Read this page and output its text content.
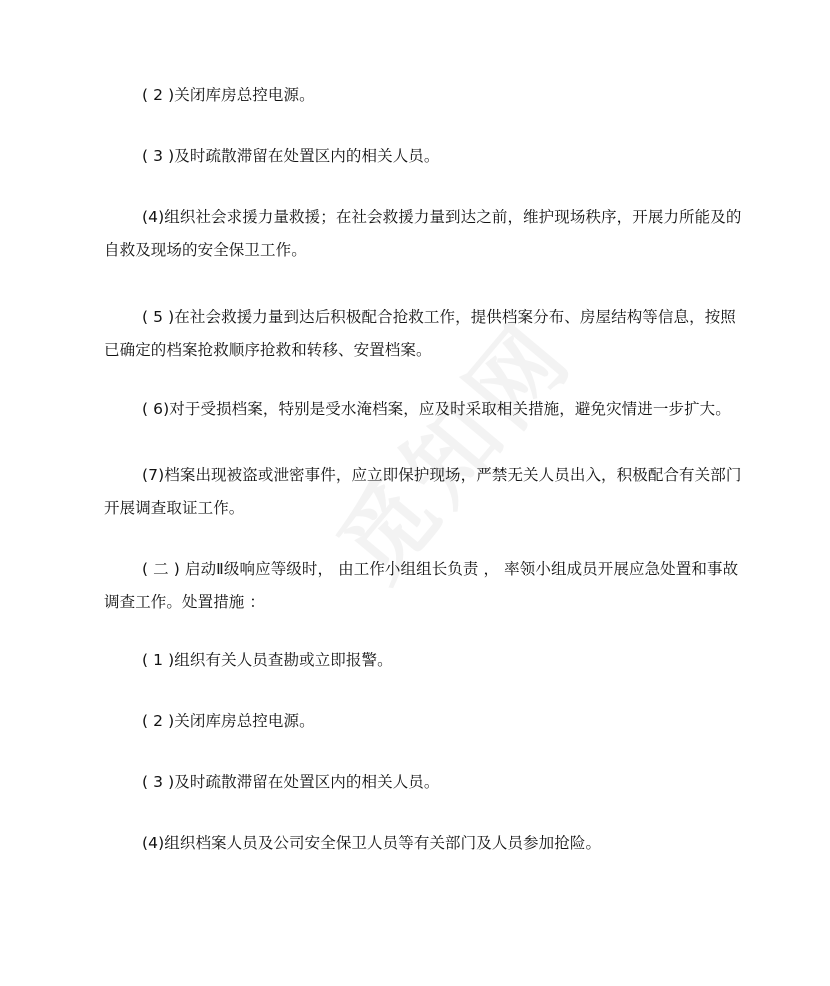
( 2 )关闭库房总控电源。

( 3 )及时疏散滞留在处置区内的相关人员。

(4)组织社会求援力量救援；在社会救援力量到达之前，维护现场秩序，开展力所能及的自救及现场的安全保卫工作。

( 5 )在社会救援力量到达后积极配合抢救工作，提供档案分布、房屋结构等信息，按照已确定的档案抢救顺序抢救和转移、安置档案。

( 6)对于受损档案，特别是受水淹档案，应及时采取相关措施，避免灾情进一步扩大。

(7)档案出现被盗或泄密事件，应立即保护现场，严禁无关人员出入，积极配合有关部门开展调查取证工作。

( 二 ) 启动Ⅱ级响应等级时， 由工作小组组长负责 ， 率领小组成员开展应急处置和事故调查工作。处置措施 ：

( 1 )组织有关人员查勘或立即报警。

( 2 )关闭库房总控电源。

( 3 )及时疏散滞留在处置区内的相关人员。

(4)组织档案人员及公司安全保卫人员等有关部门及人员参加抢险。
